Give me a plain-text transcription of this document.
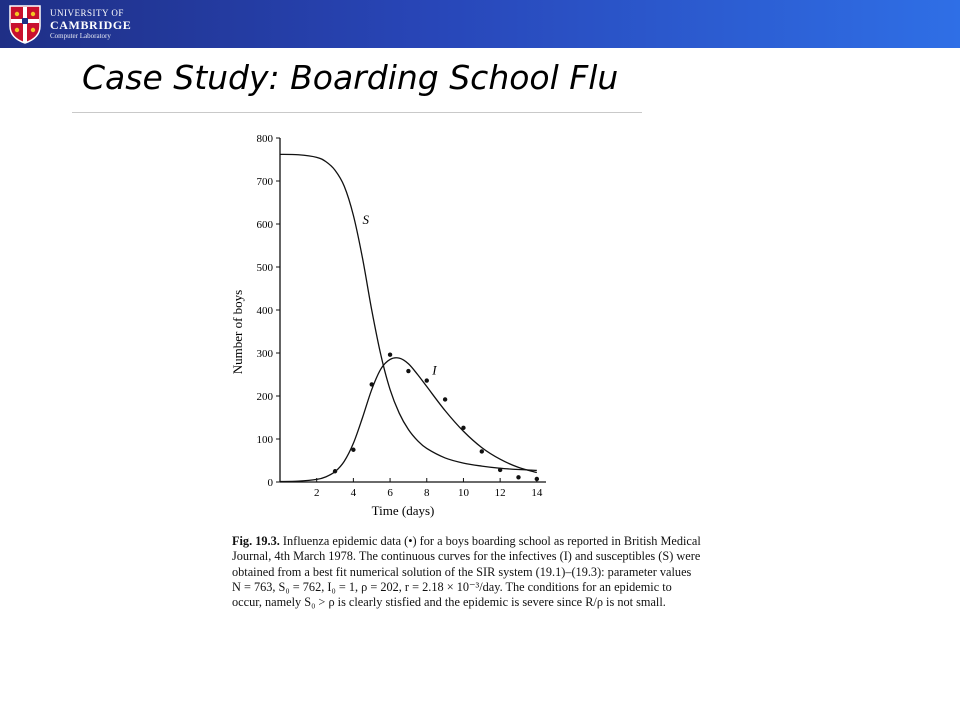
UNIVERSITY OF
CAMBRIDGE
Computer Laboratory
Case Study: Boarding School Flu
0
100
200
300
400
500
600
700
800
2	4	6	8	10 12 14
S
I
Time (days)
Number of boys
Fig. 19.3. Influenza epidemic data (•) for a boys boarding school as reported in British Medical
Journal, 4th March 1978. The continuous curves for the infectives (I) and susceptibles (S) were
obtained from a best fit numerical solution of the SIR system (19.1)–(19.3): parameter values
N = 763, S₀ = 762, I₀ = 1, ρ = 202, r = 2.18 × 10⁻³/day. The conditions for an epidemic to
occur, namely S₀ > ρ is clearly stisfied and the epidemic is severe since R/ρ is not small.
